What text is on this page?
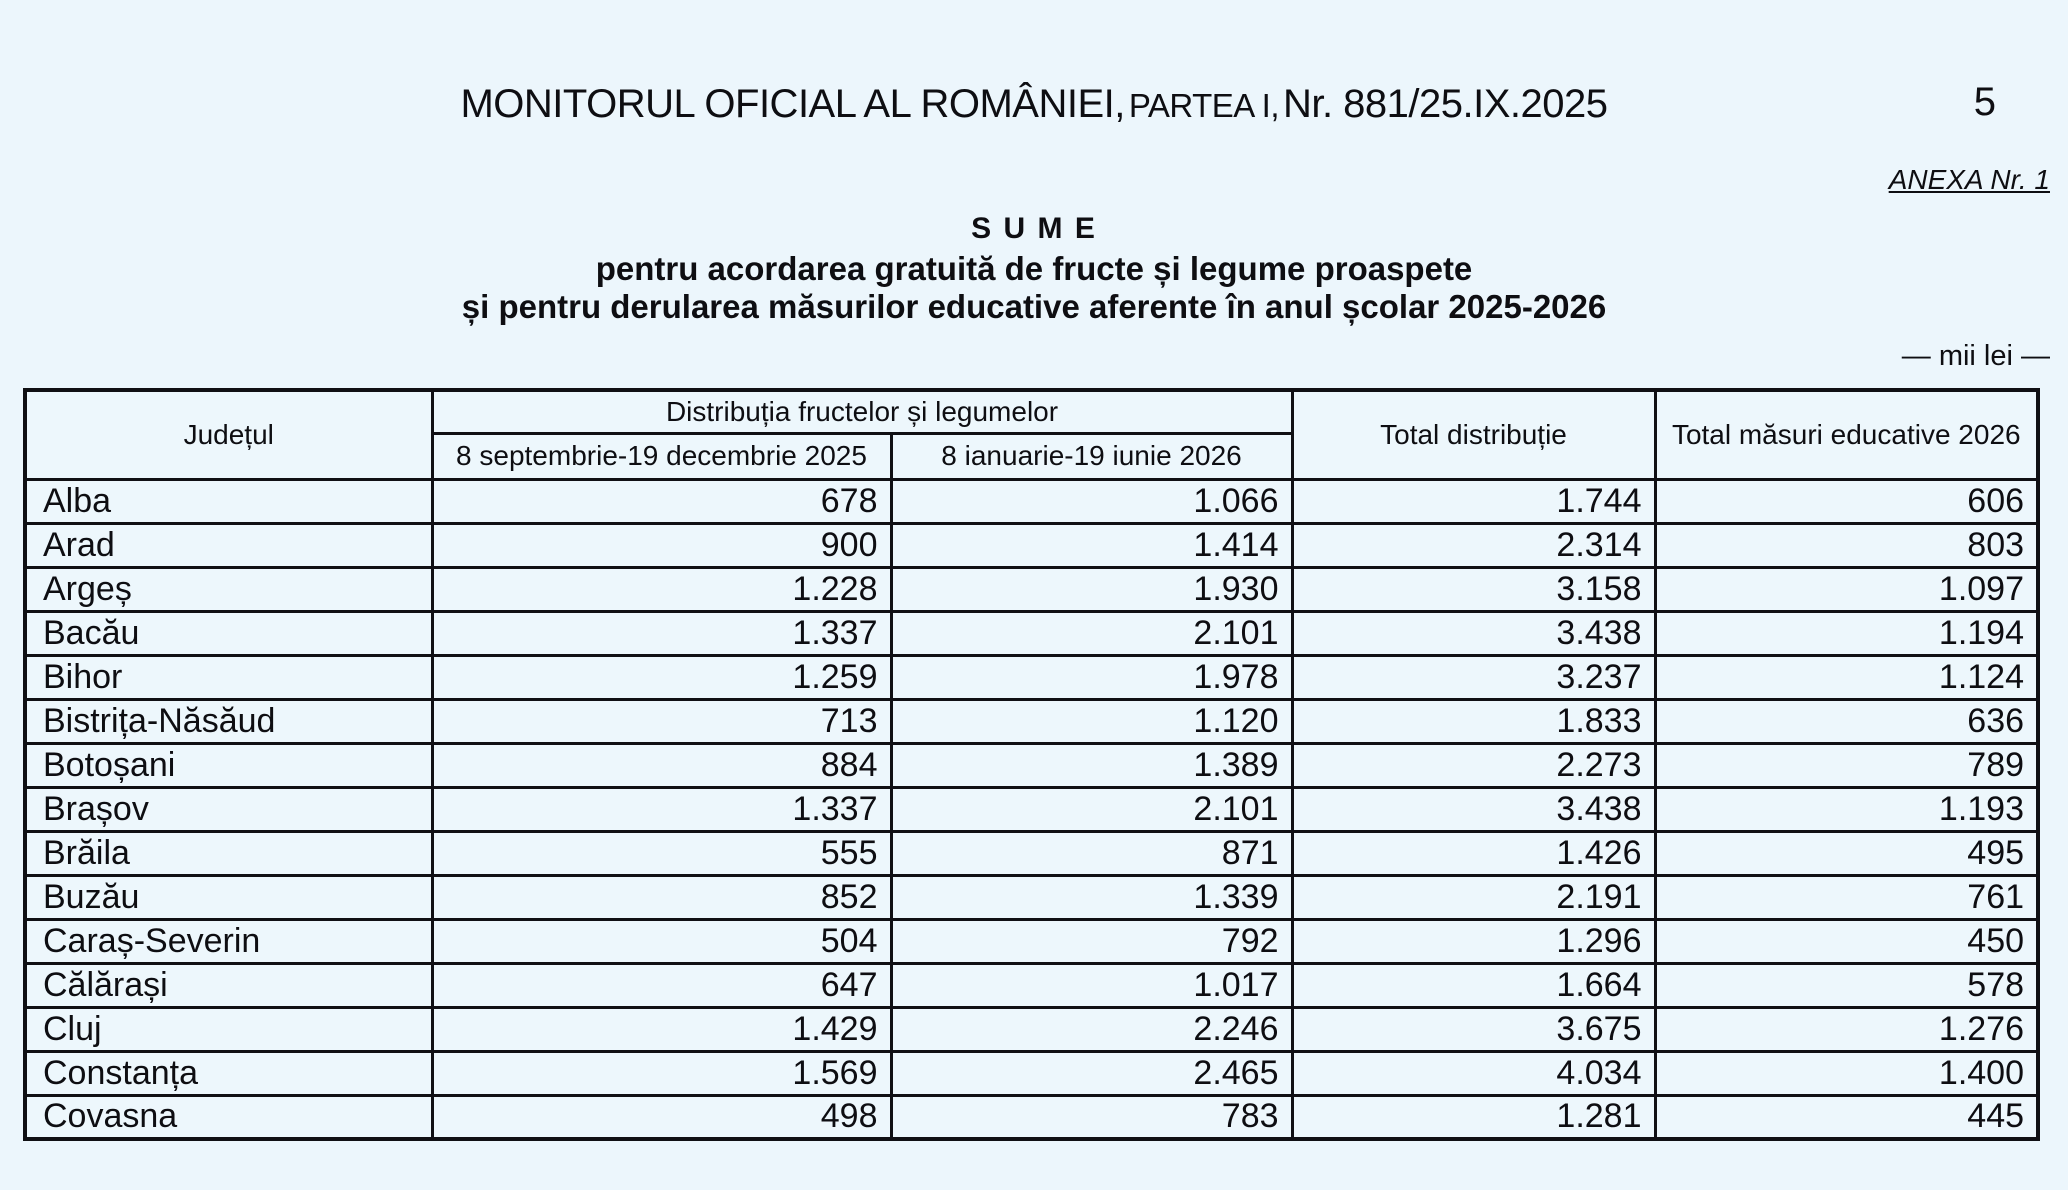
MONITORUL OFICIAL AL ROMÂNIEI, PARTEA I, Nr. 881/25.IX.2025	5
ANEXA Nr. 1
S U M E
pentru acordarea gratuită de fructe și legume proaspete
și pentru derularea măsurilor educative aferente în anul școlar 2025-2026
— mii lei —
Județul	Distribuția fructelor și legumelor		Total distribuție	Total măsuri educative 2026
	8 septembrie-19 decembrie 2025	8 ianuarie-19 iunie 2026		
Alba	678	1.066	1.744	606
Arad	900	1.414	2.314	803
Argeș	1.228	1.930	3.158	1.097
Bacău	1.337	2.101	3.438	1.194
Bihor	1.259	1.978	3.237	1.124
Bistrița-Năsăud	713	1.120	1.833	636
Botoșani	884	1.389	2.273	789
Brașov	1.337	2.101	3.438	1.193
Brăila	555	871	1.426	495
Buzău	852	1.339	2.191	761
Caraș-Severin	504	792	1.296	450
Călărași	647	1.017	1.664	578
Cluj	1.429	2.246	3.675	1.276
Constanța	1.569	2.465	4.034	1.400
Covasna	498	783	1.281	445
